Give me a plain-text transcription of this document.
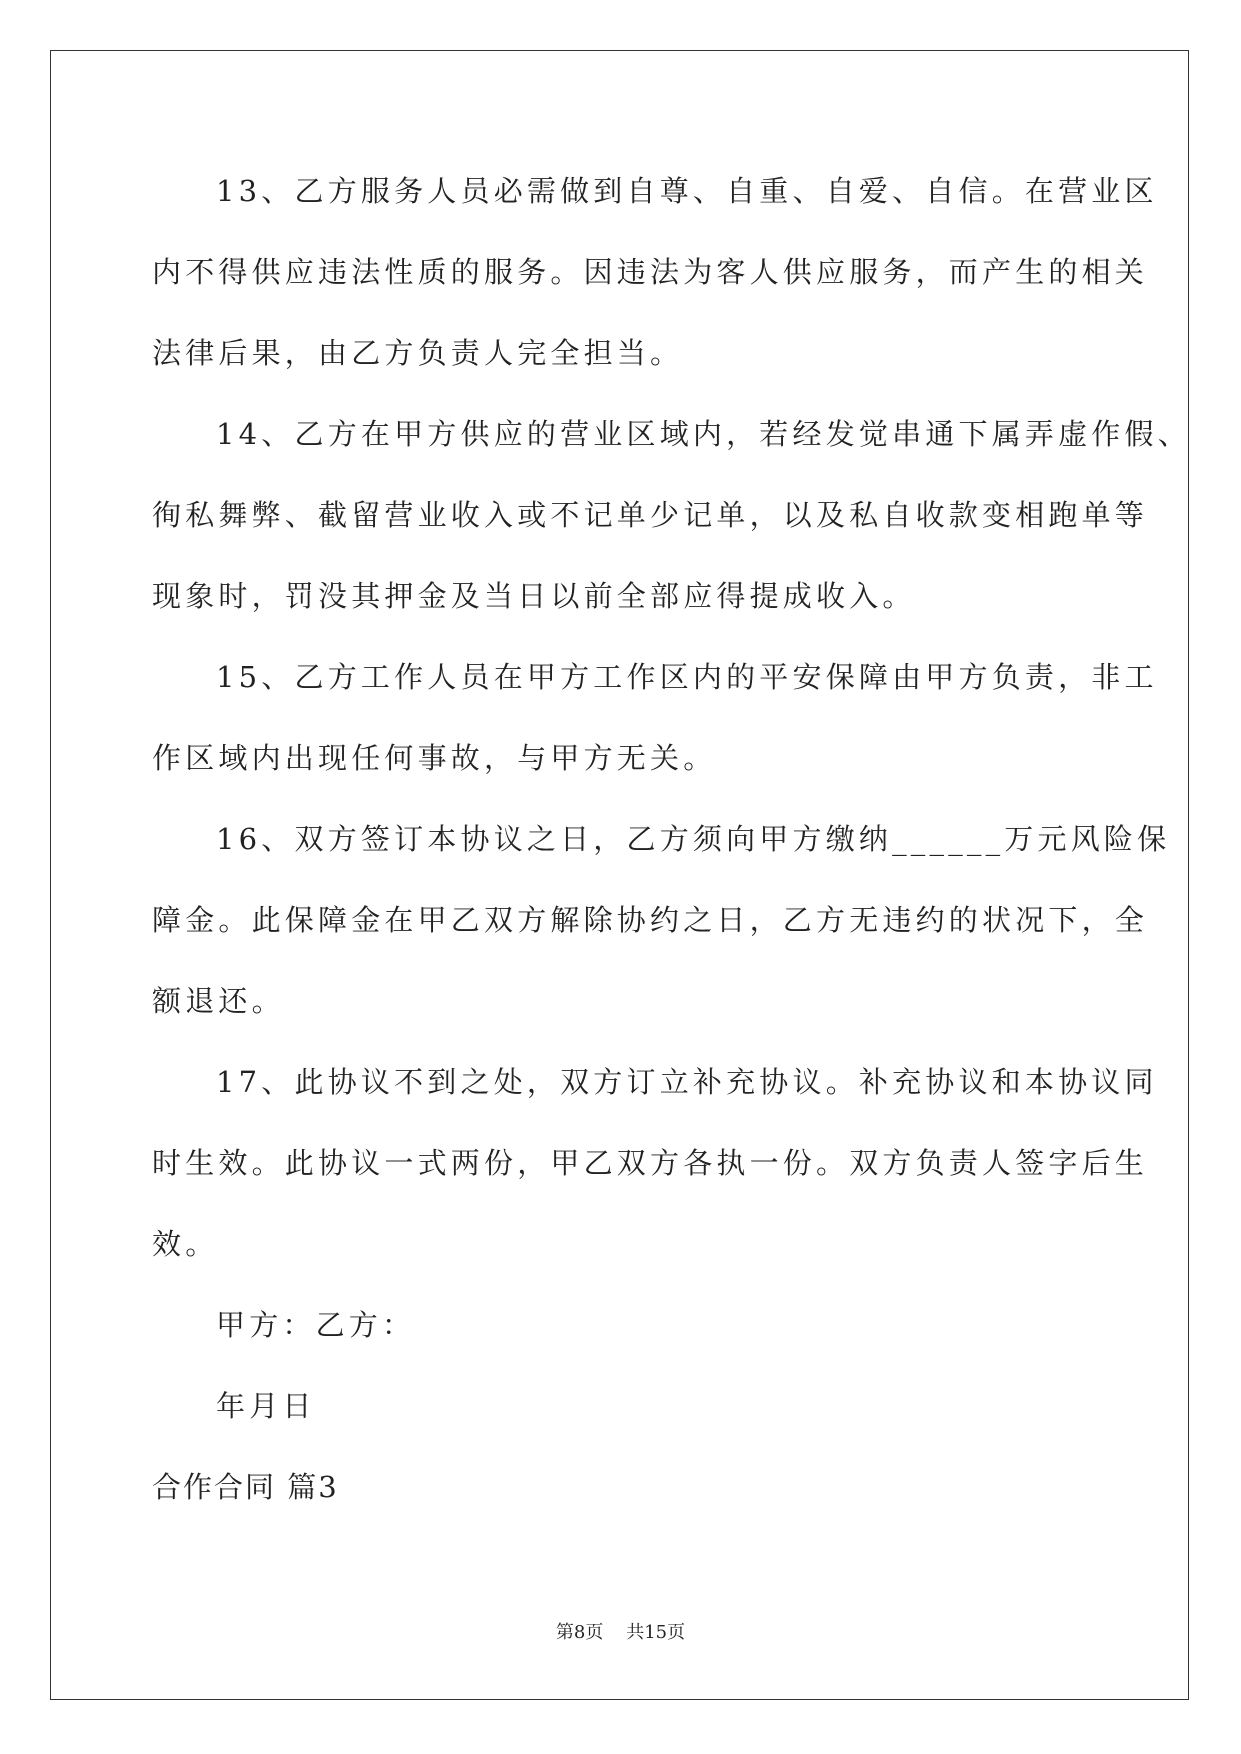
13、乙方服务人员必需做到自尊、自重、自爱、自信。在营业区
内不得供应违法性质的服务。因违法为客人供应服务，而产生的相关
法律后果，由乙方负责人完全担当。
14、乙方在甲方供应的营业区域内，若经发觉串通下属弄虚作假、
徇私舞弊、截留营业收入或不记单少记单，以及私自收款变相跑单等
现象时，罚没其押金及当日以前全部应得提成收入。
15、乙方工作人员在甲方工作区内的平安保障由甲方负责，非工
作区域内出现任何事故，与甲方无关。
16、双方签订本协议之日，乙方须向甲方缴纳______万元风险保
障金。此保障金在甲乙双方解除协约之日，乙方无违约的状况下，全
额退还。
17、此协议不到之处，双方订立补充协议。补充协议和本协议同
时生效。此协议一式两份，甲乙双方各执一份。双方负责人签字后生
效。
甲方：乙方：
年月日
合作合同 篇3
第8页    共15页
